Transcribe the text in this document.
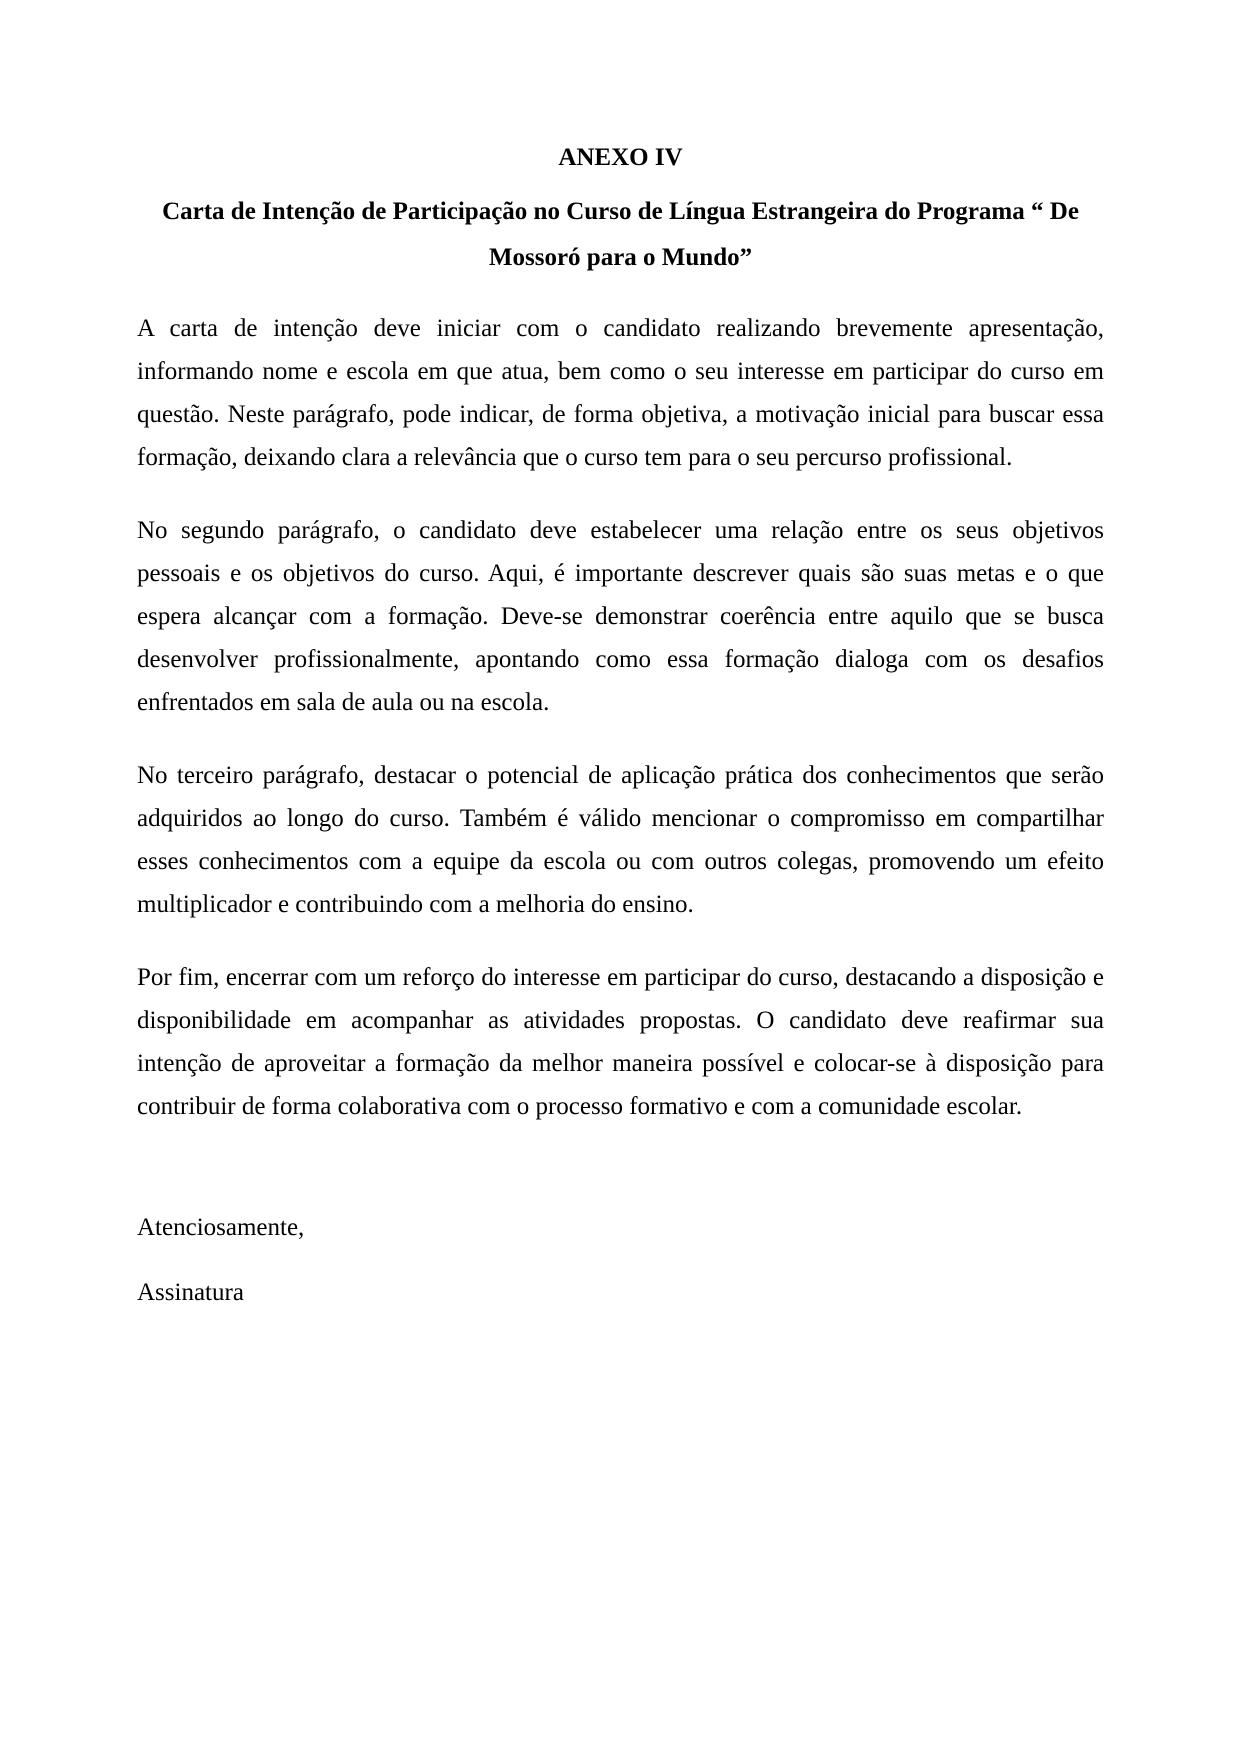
ANEXO IV
Carta de Intenção de Participação no Curso de Língua Estrangeira do Programa “ De
Mossoró para o Mundo”

A carta de intenção deve iniciar com o candidato realizando brevemente apresentação, informando nome e escola em que atua, bem como o seu interesse em participar do curso em questão. Neste parágrafo, pode indicar, de forma objetiva, a motivação inicial para buscar essa formação, deixando clara a relevância que o curso tem para o seu percurso profissional.

No segundo parágrafo, o candidato deve estabelecer uma relação entre os seus objetivos pessoais e os objetivos do curso. Aqui, é importante descrever quais são suas metas e o que espera alcançar com a formação. Deve-se demonstrar coerência entre aquilo que se busca desenvolver profissionalmente, apontando como essa formação dialoga com os desafios enfrentados em sala de aula ou na escola.

No terceiro parágrafo, destacar o potencial de aplicação prática dos conhecimentos que serão adquiridos ao longo do curso. Também é válido mencionar o compromisso em compartilhar esses conhecimentos com a equipe da escola ou com outros colegas, promovendo um efeito multiplicador e contribuindo com a melhoria do ensino.

Por fim, encerrar com um reforço do interesse em participar do curso, destacando a disposição e disponibilidade em acompanhar as atividades propostas. O candidato deve reafirmar sua intenção de aproveitar a formação da melhor maneira possível e colocar-se à disposição para contribuir de forma colaborativa com o processo formativo e com a comunidade escolar.

Atenciosamente,

Assinatura
